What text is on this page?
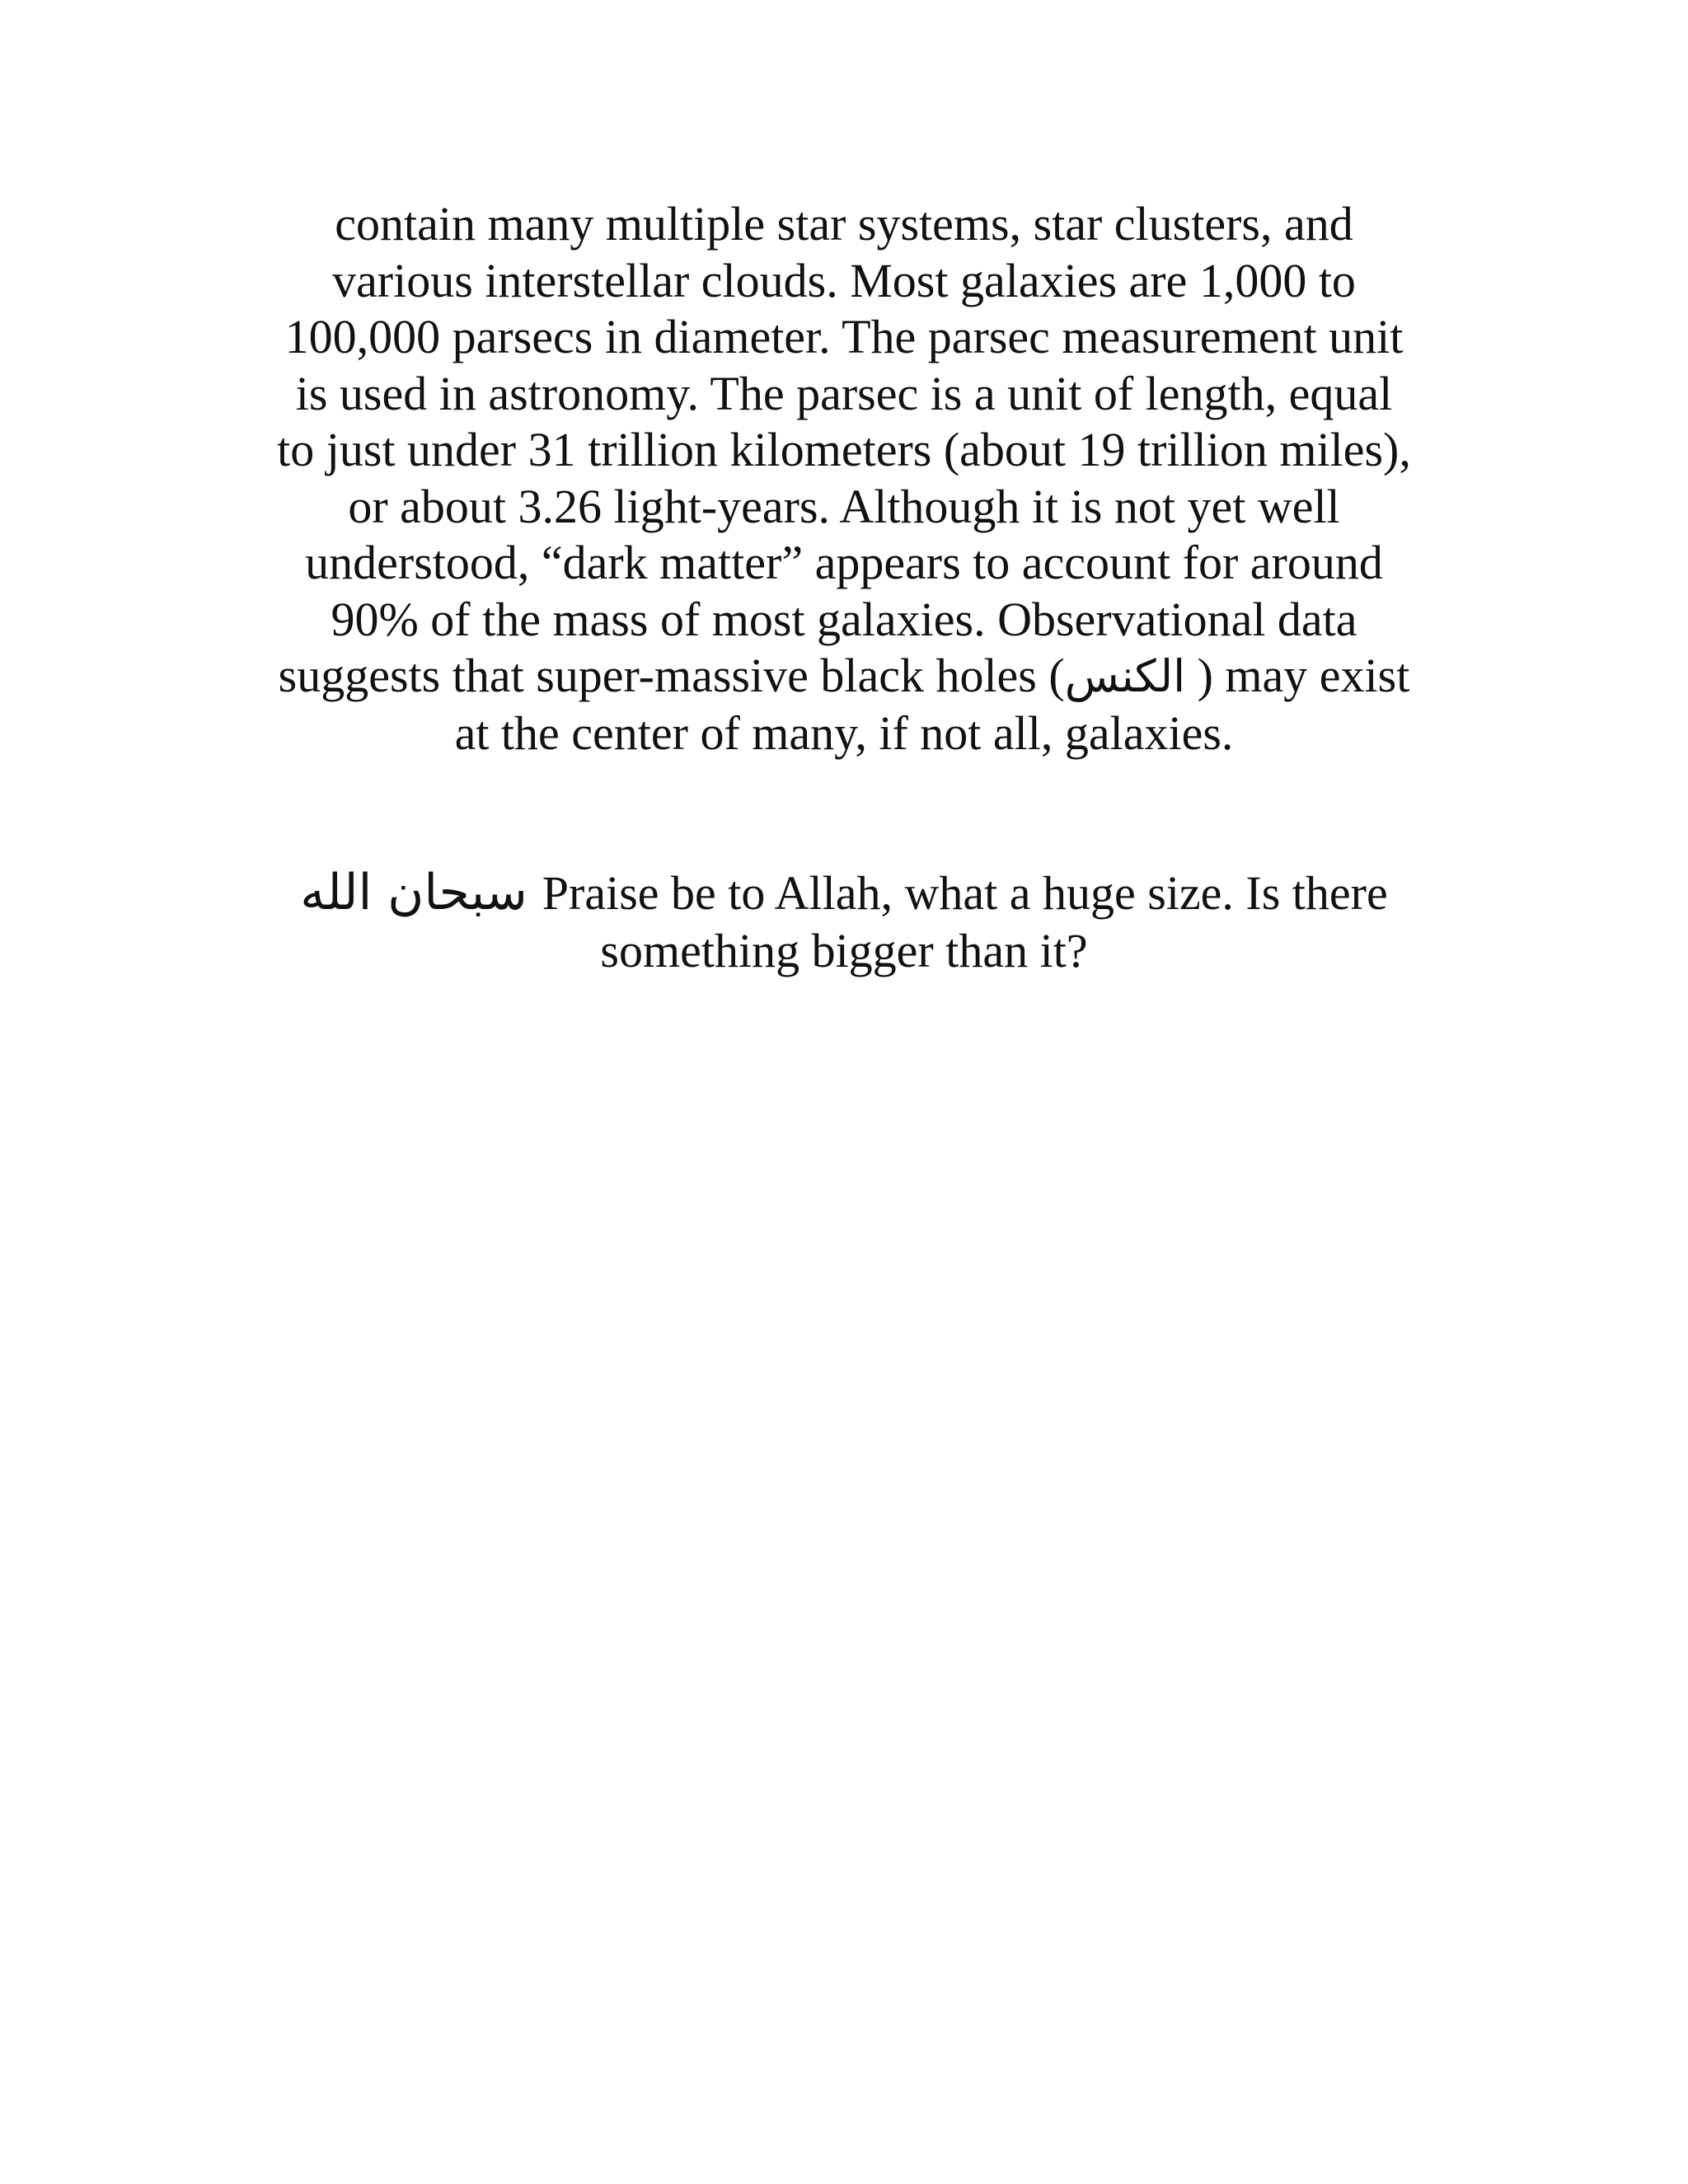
contain many multiple star systems, star clusters, and
various interstellar clouds. Most galaxies are 1,000 to
100,000 parsecs in diameter. The parsec measurement unit
is used in astronomy. The parsec is a unit of length, equal
to just under 31 trillion kilometers (about 19 trillion miles),
or about 3.26 light-years. Although it is not yet well
understood, “dark matter” appears to account for around
90% of the mass of most galaxies. Observational data
suggests that super-massive black holes (الكنس ) may exist
at the center of many, if not all, galaxies.
سبحان الله Praise be to Allah, what a huge size. Is there
something bigger than it?
